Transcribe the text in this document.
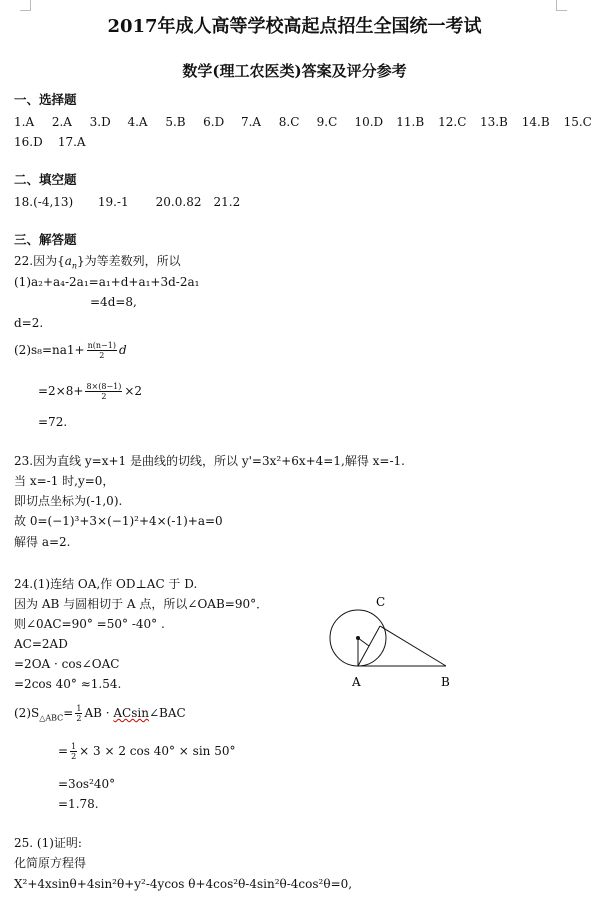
2017年成人高等学校高起点招生全国统一考试
数学(理工农医类)答案及评分参考
一、选择题
1.A 2.A 3.D 4.A 5.B 6.D 7.A 8.C 9.C 10.D 11.B 12.C 13.B 14.B 15.C
16.D 17.A
二、填空题
18.(-4,13) 19.-1 20.0.82 21.2
三、解答题
22.因为$\{a_n\}$为等差数列，所以
(1)a₂+a₄-2a₁=a₁+d+a₁+3d-2a₁
=4d=8,
d=2.
$(2)s_8=na1+ \frac{n(n-1)}{2}$ d
$=2\times 8+ \frac{8\times(8-1)}{2} \times 2$
=72.
23.因为直线 y=x+1 是曲线的切线，所以 y'=3x²+6x+4=1,解得 x=-1.
当 x=-1 时,y=0，
即切点坐标为(-1,0).
故 0=(−1)³+3×(−1)²+4×(-1)+a=0
解得 a=2.
24.(1)连结 OA,作 OD⊥AC 于 D.
因为 AB 与圆相切于 A 点，所以∠OAB=90°．
则∠0AC=90° =50° -40° .
AC=2AD
=2OA · cos∠OAC
=2cos 40° ≈1.54.
$(2)S_{\triangle ABC}= \frac{1}{2}$ AB · ACsin∠BAC
= $\frac{1}{2} \times 3 \times 2$ cos 40° × sin 50°
=3os²40°
=1.78.
C
A	B
25. (1)证明:
化简原方程得
X²+4xsinθ+4sin²θ+y²-4ycos θ+4cos²θ-4sin²θ-4cos²θ=0,
